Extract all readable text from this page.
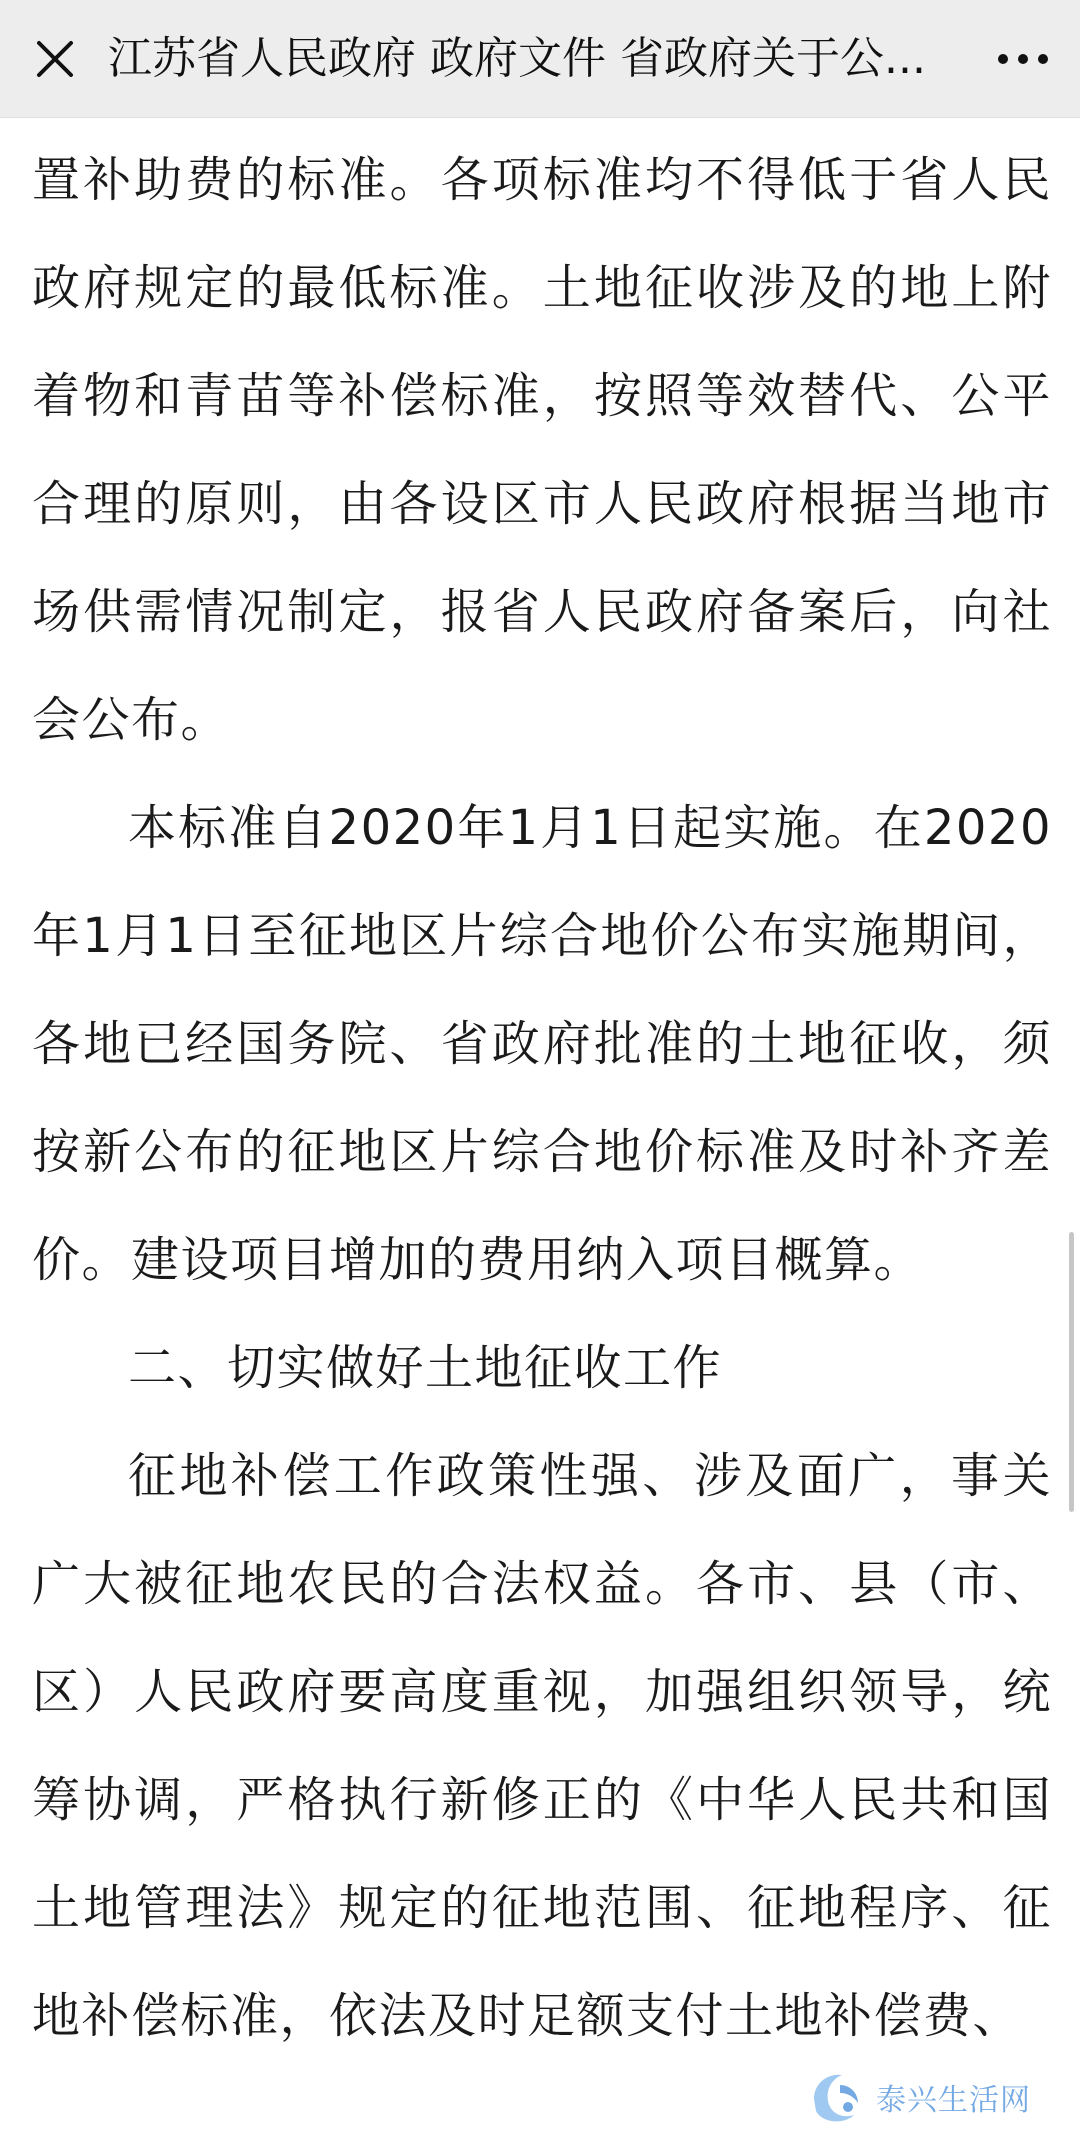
江苏省人民政府 政府文件 省政府关于公...

置补助费的标准。各项标准均不得低于省人民政府规定的最低标准。土地征收涉及的地上附着物和青苗等补偿标准，按照等效替代、公平合理的原则，由各设区市人民政府根据当地市场供需情况制定，报省人民政府备案后，向社会公布。

本标准自2020年1月1日起实施。在2020年1月1日至征地区片综合地价公布实施期间，各地已经国务院、省政府批准的土地征收，须按新公布的征地区片综合地价标准及时补齐差价。建设项目增加的费用纳入项目概算。

二、切实做好土地征收工作

征地补偿工作政策性强、涉及面广，事关广大被征地农民的合法权益。各市、县（市、区）人民政府要高度重视，加强组织领导，统筹协调，严格执行新修正的《中华人民共和国土地管理法》规定的征地范围、征地程序、征地补偿标准，依法及时足额支付土地补偿费、

泰兴生活网
